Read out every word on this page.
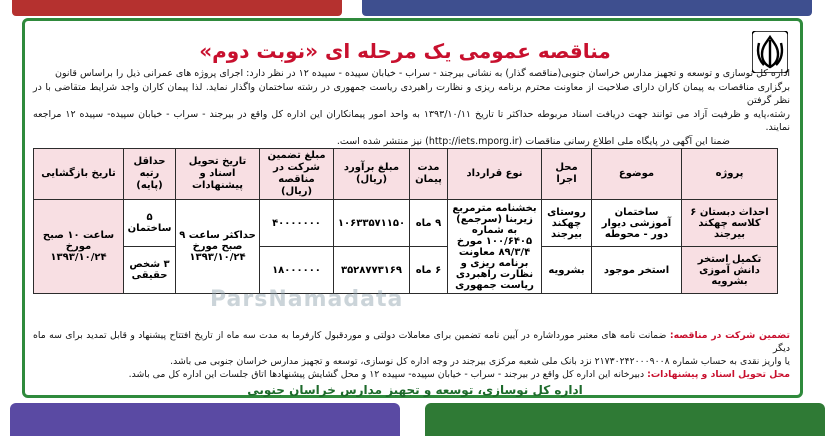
مناقصه عمومی یک مرحله ای «نوبت دوم»
اداره کل نوسازی و توسعه و تجهیز مدارس خراسان جنوبی(مناقصه گذار) به نشانی بیرجند - سراب - خیابان سپیده - سپیده ۱۲ در نظر دارد: اجرای پروژه های عمرانی ذیل را براساس قانون
برگزاری مناقصات به پیمان کاران دارای صلاحیت از معاونت محترم برنامه ریزی و نظارت راهبردی ریاست جمهوری در رشته ساختمان واگذار نماید. لذا پیمان کاران واجد شرایط متقاضی با در نظر گرفتن
رشته،پایه و ظرفیت آزاد می توانند جهت دریافت اسناد مربوطه حداکثر تا تاریخ ۱۳۹۳/۱۰/۱۱ به واحد امور پیمانکاران این اداره کل واقع در بیرجند - سراب - خیابان سپیده- سپیده ۱۲ مراجعه نمایند.
ضمنا این آگهی در پایگاه ملی اطلاع رسانی مناقصات (http://iets.mporg.ir) نیز منتشر شده است.
پروژه	موضوع	محل اجرا	نوع قرارداد	مدت پیمان	مبلغ برآورد (ریال)	مبلغ تضمین شرکت در مناقصه (ریال)	تاریخ تحویل اسناد و پیشنهادات	حداقل رتبه (پایه)	تاریخ بازگشایی
احداث دبستان ۶ کلاسه چهکند بیرجند	ساختمان آموزشی دیوار دور - محوطه	روستای چهکند بیرجند	بخشنامه مترمربع زیربنا (سرجمع) به شماره ۱۰۰/۶۴۰۵ مورخ ۸۹/۳/۴ معاونت برنامه ریزی و نظارت راهبردی ریاست جمهوری	۹ ماه	۱۰۶۳۳۵۷۱۱۵۰	۴۰۰۰۰۰۰۰	حداکثر ساعت ۹ صبح مورخ ۱۳۹۳/۱۰/۲۴	۵ ساختمان	ساعت ۱۰ صبح مورخ ۱۳۹۳/۱۰/۲۴
تکمیل استخر دانش آموزی بشرویه	استخر موجود	بشرویه		۶ ماه	۳۵۲۸۷۷۳۱۶۹	۱۸۰۰۰۰۰۰		۳ شخص حقیقی	
ParsNamadata
تضمین شرکت در مناقصه: ضمانت نامه های معتبر مورداشاره در آیین نامه تضمین برای معاملات دولتی و موردقبول کارفرما به مدت سه ماه از تاریخ افتتاح پیشنهاد و قابل تمدید برای سه ماه دیگر
یا واریز نقدی به حساب شماره ۲۱۷۳۰۲۴۲۰۰۰۹۰۰۸ نزد بانک ملی شعبه مرکزی بیرجند در وجه اداره کل نوسازی، توسعه و تجهیز مدارس خراسان جنوبی می باشد.
محل تحویل اسناد و پیشنهادات: دبیرخانه این اداره کل واقع در بیرجند - سراب - خیابان سپیده- سپیده ۱۲ و محل گشایش پیشنهادها اتاق جلسات این اداره کل می باشد.
اداره کل نوسازی، توسعه و تجهیز مدارس خراسان جنوبی
